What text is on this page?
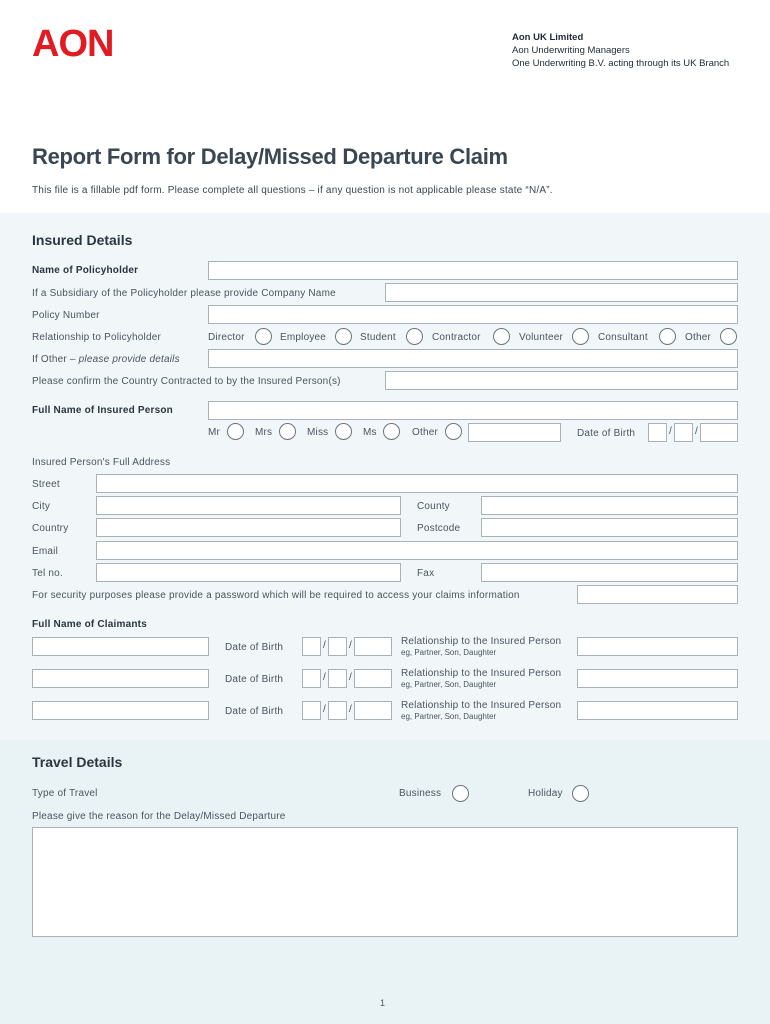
AON	Aon UK Limited
Aon Underwriting Managers
One Underwriting B.V. acting through its UK Branch
Report Form for Delay/Missed Departure Claim
This file is a fillable pdf form. Please complete all questions – if any question is not applicable please state “N/A”.
Insured Details
Name of Policyholder
If a Subsidiary of the Policyholder please provide Company Name
Policy Number
Relationship to Policyholder	Director	Employee	Student	Contractor	Volunteer	Consultant	Other
If Other – please provide details
Please confirm the Country Contracted to by the Insured Person(s)
Full Name of Insured Person
Mr	Mrs	Miss	Ms	Other	Date of Birth	/ /
Insured Person's Full Address
Street
City	County
Country	Postcode
Email
Tel no.	Fax
For security purposes please provide a password which will be required to access your claims information
Full Name of Claimants
Date of Birth	/ /	Relationship to the Insured Person
eg, Partner, Son, Daughter
Date of Birth	/ /	Relationship to the Insured Person
eg, Partner, Son, Daughter
Date of Birth	/ /	Relationship to the Insured Person
eg, Partner, Son, Daughter
Travel Details
Type of Travel	Business	Holiday
Please give the reason for the Delay/Missed Departure
1
